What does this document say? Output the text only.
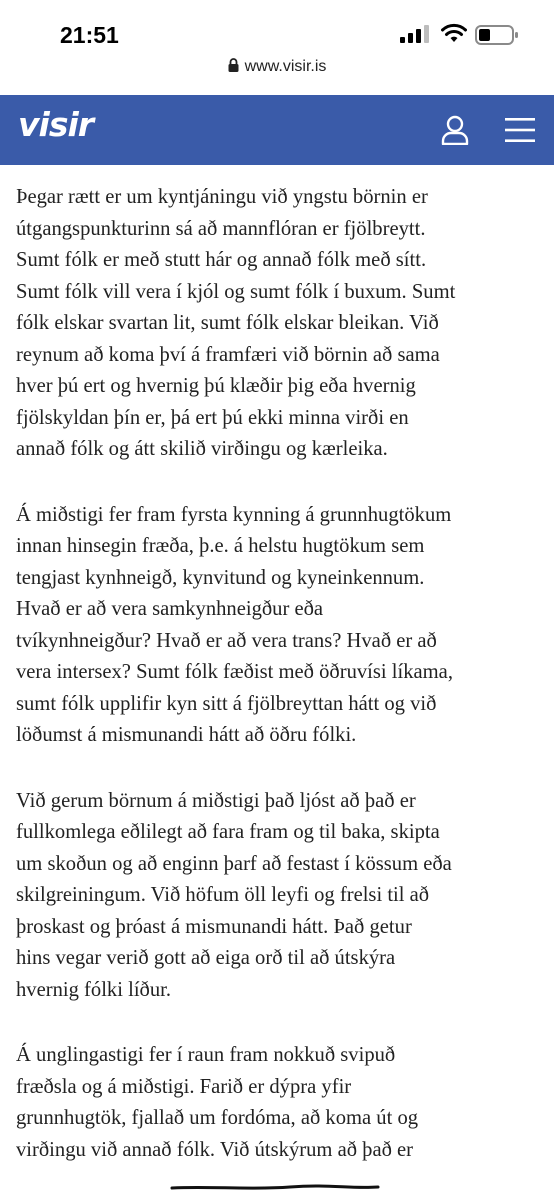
21:51
www.visir.is
visir

Þegar rætt er um kyntjáningu við yngstu börnin er
útgangspunkturinn sá að mannflóran er fjölbreytt.
Sumt fólk er með stutt hár og annað fólk með sítt.
Sumt fólk vill vera í kjól og sumt fólk í buxum. Sumt
fólk elskar svartan lit, sumt fólk elskar bleikan. Við
reynum að koma því á framfæri við börnin að sama
hver þú ert og hvernig þú klæðir þig eða hvernig
fjölskyldan þín er, þá ert þú ekki minna virði en
annað fólk og átt skilið virðingu og kærleika.

Á miðstigi fer fram fyrsta kynning á grunnhugtökum
innan hinsegin fræða, þ.e. á helstu hugtökum sem
tengjast kynhneigð, kynvitund og kyneinkennum.
Hvað er að vera samkynhneigður eða
tvíkynhneigður? Hvað er að vera trans? Hvað er að
vera intersex? Sumt fólk fæðist með öðruvísi líkama,
sumt fólk upplifir kyn sitt á fjölbreyttan hátt og við
löðumst á mismunandi hátt að öðru fólki.

Við gerum börnum á miðstigi það ljóst að það er
fullkomlega eðlilegt að fara fram og til baka, skipta
um skoðun og að enginn þarf að festast í kössum eða
skilgreiningum. Við höfum öll leyfi og frelsi til að
þroskast og þróast á mismunandi hátt. Það getur
hins vegar verið gott að eiga orð til að útskýra
hvernig fólki líður.

Á unglingastigi fer í raun fram nokkuð svipuð
fræðsla og á miðstigi. Farið er dýpra yfir
grunnhugtök, fjallað um fordóma, að koma út og
virðingu við annað fólk. Við útskýrum að það er
